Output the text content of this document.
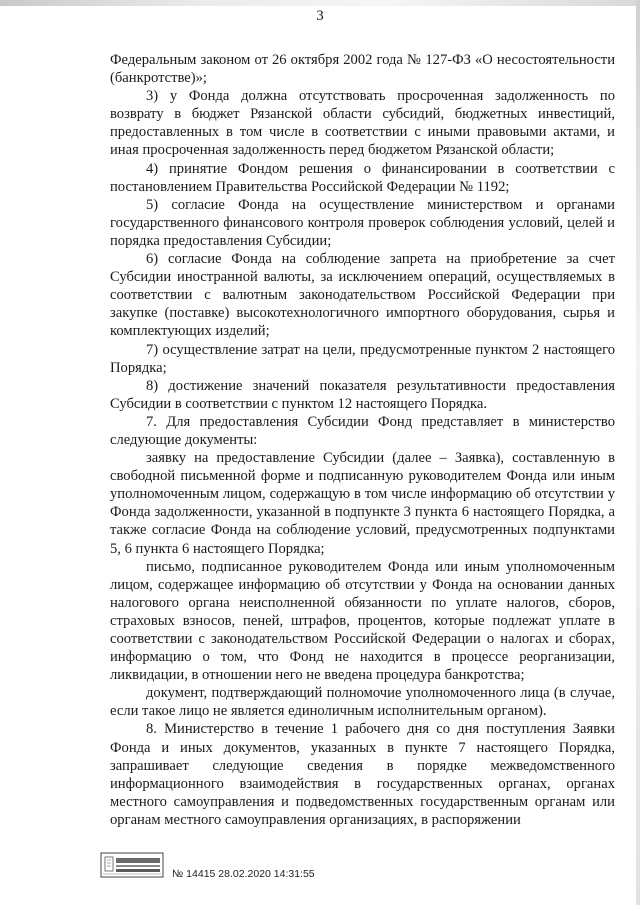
3

Федеральным законом от 26 октября 2002 года № 127-ФЗ «О несостоятельности (банкротстве)»;

3) у Фонда должна отсутствовать просроченная задолженность по возврату в бюджет Рязанской области субсидий, бюджетных инвестиций, предоставленных в том числе в соответствии с иными правовыми актами, и иная просроченная задолженность перед бюджетом Рязанской области;

4) принятие Фондом решения о финансировании в соответствии с постановлением Правительства Российской Федерации № 1192;

5) согласие Фонда на осуществление министерством и органами государственного финансового контроля проверок соблюдения условий, целей и порядка предоставления Субсидии;

6) согласие Фонда на соблюдение запрета на приобретение за счет Субсидии иностранной валюты, за исключением операций, осуществляемых в соответствии с валютным законодательством Российской Федерации при закупке (поставке) высокотехнологичного импортного оборудования, сырья и комплектующих изделий;

7) осуществление затрат на цели, предусмотренные пунктом 2 настоящего Порядка;

8) достижение значений показателя результативности предоставления Субсидии в соответствии с пунктом 12 настоящего Порядка.

7. Для предоставления Субсидии Фонд представляет в министерство следующие документы:

заявку на предоставление Субсидии (далее – Заявка), составленную в свободной письменной форме и подписанную руководителем Фонда или иным уполномоченным лицом, содержащую в том числе информацию об отсутствии у Фонда задолженности, указанной в подпункте 3 пункта 6 настоящего Порядка, а также согласие Фонда на соблюдение условий, предусмотренных подпунктами 5, 6 пункта 6 настоящего Порядка;

письмо, подписанное руководителем Фонда или иным уполномоченным лицом, содержащее информацию об отсутствии у Фонда на основании данных налогового органа неисполненной обязанности по уплате налогов, сборов, страховых взносов, пеней, штрафов, процентов, которые подлежат уплате в соответствии с законодательством Российской Федерации о налогах и сборах, информацию о том, что Фонд не находится в процессе реорганизации, ликвидации, в отношении него не введена процедура банкротства;

документ, подтверждающий полномочие уполномоченного лица (в случае, если такое лицо не является единоличным исполнительным органом).

8. Министерство в течение 1 рабочего дня со дня поступления Заявки Фонда и иных документов, указанных в пункте 7 настоящего Порядка, запрашивает следующие сведения в порядке межведомственного информационного взаимодействия в государственных органах, органах местного самоуправления и подведомственных государственным органам или органам местного самоуправления организациях, в распоряжении

№ 14415 28.02.2020 14:31:55
